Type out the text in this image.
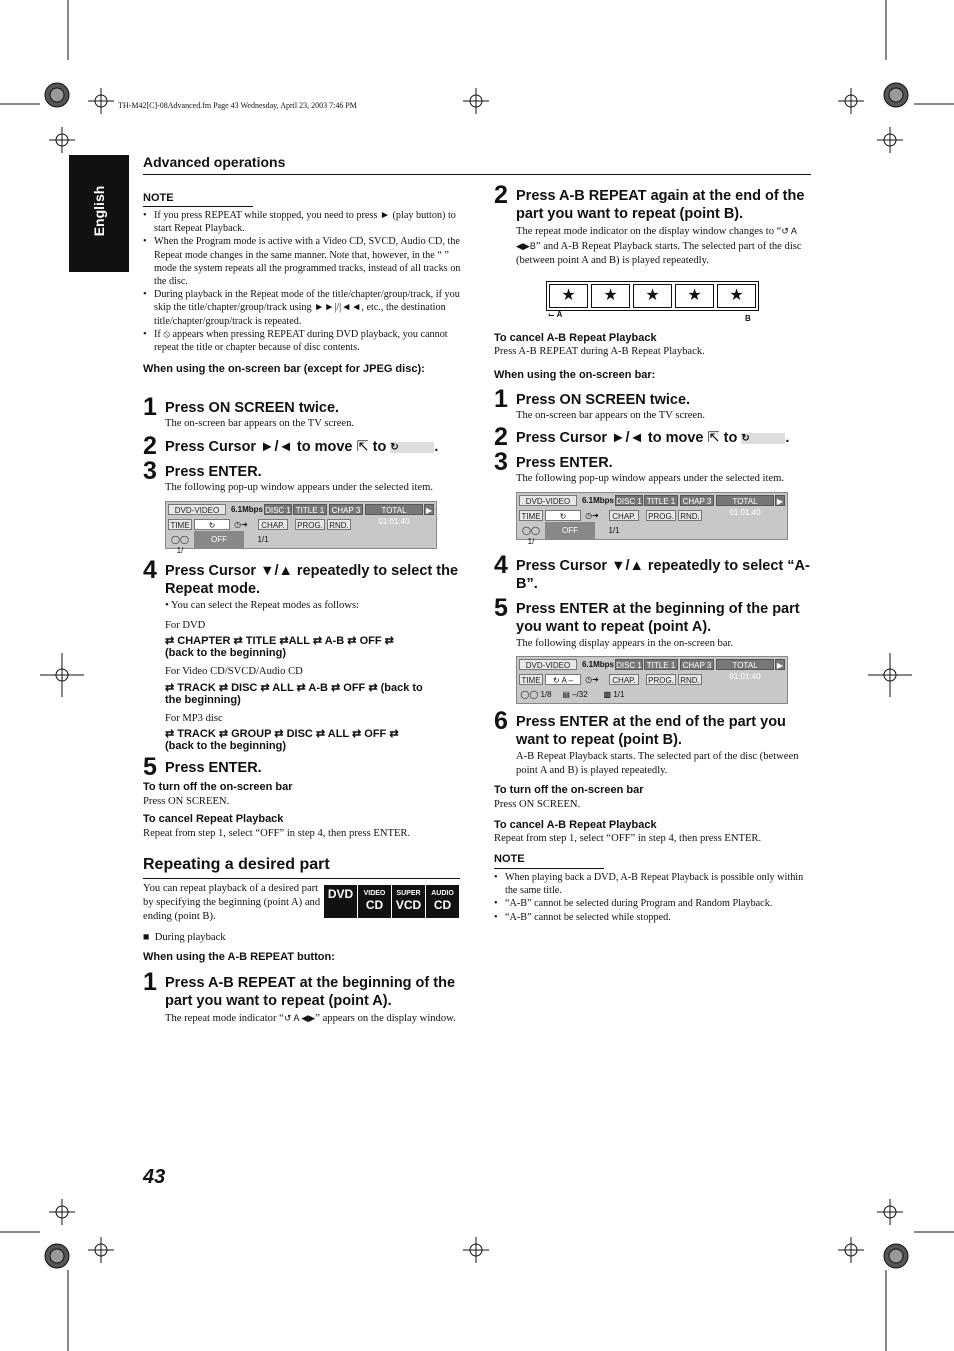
TH-M42[C]-08Advanced.fm Page 43 Wednesday, April 23, 2003 7:46 PM
English
Advanced operations
NOTE
• If you press REPEAT while stopped, you need to press ► (play button) to start Repeat Playback.
• When the Program mode is active with a Video CD, SVCD, Audio CD, the Repeat mode changes in the same manner. Note that, however, in the “ ” mode the system repeats all the programmed tracks, instead of all tracks on the disc.
• During playback in the Repeat mode of the title/chapter/group/track, if you skip the title/chapter/group/track using ►►|/|◄◄, etc., the destination title/chapter/group/track is repeated.
• If ⦸ appears when pressing REPEAT during DVD playback, you cannot repeat the title or chapter because of disc contents.
When using the on-screen bar (except for JPEG disc):
1 Press ON SCREEN twice.
The on-screen bar appears on the TV screen.
2 Press Cursor ►/◄ to move ⇱ to ↻ .
3 Press ENTER.
The following pop-up window appears under the selected item.
DVD-VIDEO	6.1Mbps DISC 1 TITLE 1 CHAP 3	TOTAL 01:01:40
▶
TIME	↻	◷➜	CHAP.	PROG. RND.
◯◯ 1/
OFF	1/1
4 Press Cursor ▼/▲ repeatedly to select the Repeat mode.
• You can select the Repeat modes as follows:
For DVD
⇄ CHAPTER ⇄ TITLE ⇄ALL ⇄ A-B ⇄ OFF ⇄
(back to the beginning)
For Video CD/SVCD/Audio CD
⇄ TRACK ⇄ DISC ⇄ ALL ⇄ A-B ⇄ OFF ⇄ (back to
the beginning)
For MP3 disc
⇄ TRACK ⇄ GROUP ⇄ DISC ⇄ ALL ⇄ OFF ⇄
(back to the beginning)
5 Press ENTER.
To turn off the on-screen bar
Press ON SCREEN.
To cancel Repeat Playback
Repeat from step 1, select “OFF” in step 4, then press ENTER.
Repeating a desired part
You can repeat playback of a desired part by specifying the beginning (point A) and ending (point B).
DVD	VIDEO
CD
SUPER
VCD
AUDIO
CD
■  During playback
When using the A-B REPEAT button:
1 Press A-B REPEAT at the beginning of the part you want to repeat (point A).
The repeat mode indicator “↺ A ◀▶” appears on the display window.
2 Press A-B REPEAT again at the end of the part you want to repeat (point B).
The repeat mode indicator on the display window changes to “↺ A ◀▶B” and A-B Repeat Playback starts. The selected part of the disc (between point A and B) is played repeatedly.
★	★	★	★	★
⌙ A	B
To cancel A-B Repeat Playback
Press A-B REPEAT during A-B Repeat Playback.
When using the on-screen bar:
1 Press ON SCREEN twice.
The on-screen bar appears on the TV screen.
2 Press Cursor ►/◄ to move ⇱ to ↻ .
3 Press ENTER.
The following pop-up window appears under the selected item.
DVD-VIDEO	6.1Mbps DISC 1 TITLE 1 CHAP 3	TOTAL 01:01:40
▶
TIME	↻	◷➜	CHAP.	PROG. RND.
◯◯ 1/
OFF	1/1
4 Press Cursor ▼/▲ repeatedly to select “A-B”.
5 Press ENTER at the beginning of the part you want to repeat (point A).
The following display appears in the on-screen bar.
DVD-VIDEO	6.1Mbps DISC 1 TITLE 1 CHAP 3	TOTAL 01:01:40
▶
TIME	↻ A –	◷➜	CHAP.	PROG. RND.
◯◯ 1/8	▤ –/32	▩ 1/1
6 Press ENTER at the end of the part you want to repeat (point B).
A-B Repeat Playback starts. The selected part of the disc (between point A and B) is played repeatedly.
To turn off the on-screen bar
Press ON SCREEN.
To cancel A-B Repeat Playback
Repeat from step 1, select “OFF” in step 4, then press ENTER.
NOTE
• When playing back a DVD, A-B Repeat Playback is possible only within the same title.
• “A-B” cannot be selected during Program and Random Playback.
• “A-B” cannot be selected while stopped.
43
